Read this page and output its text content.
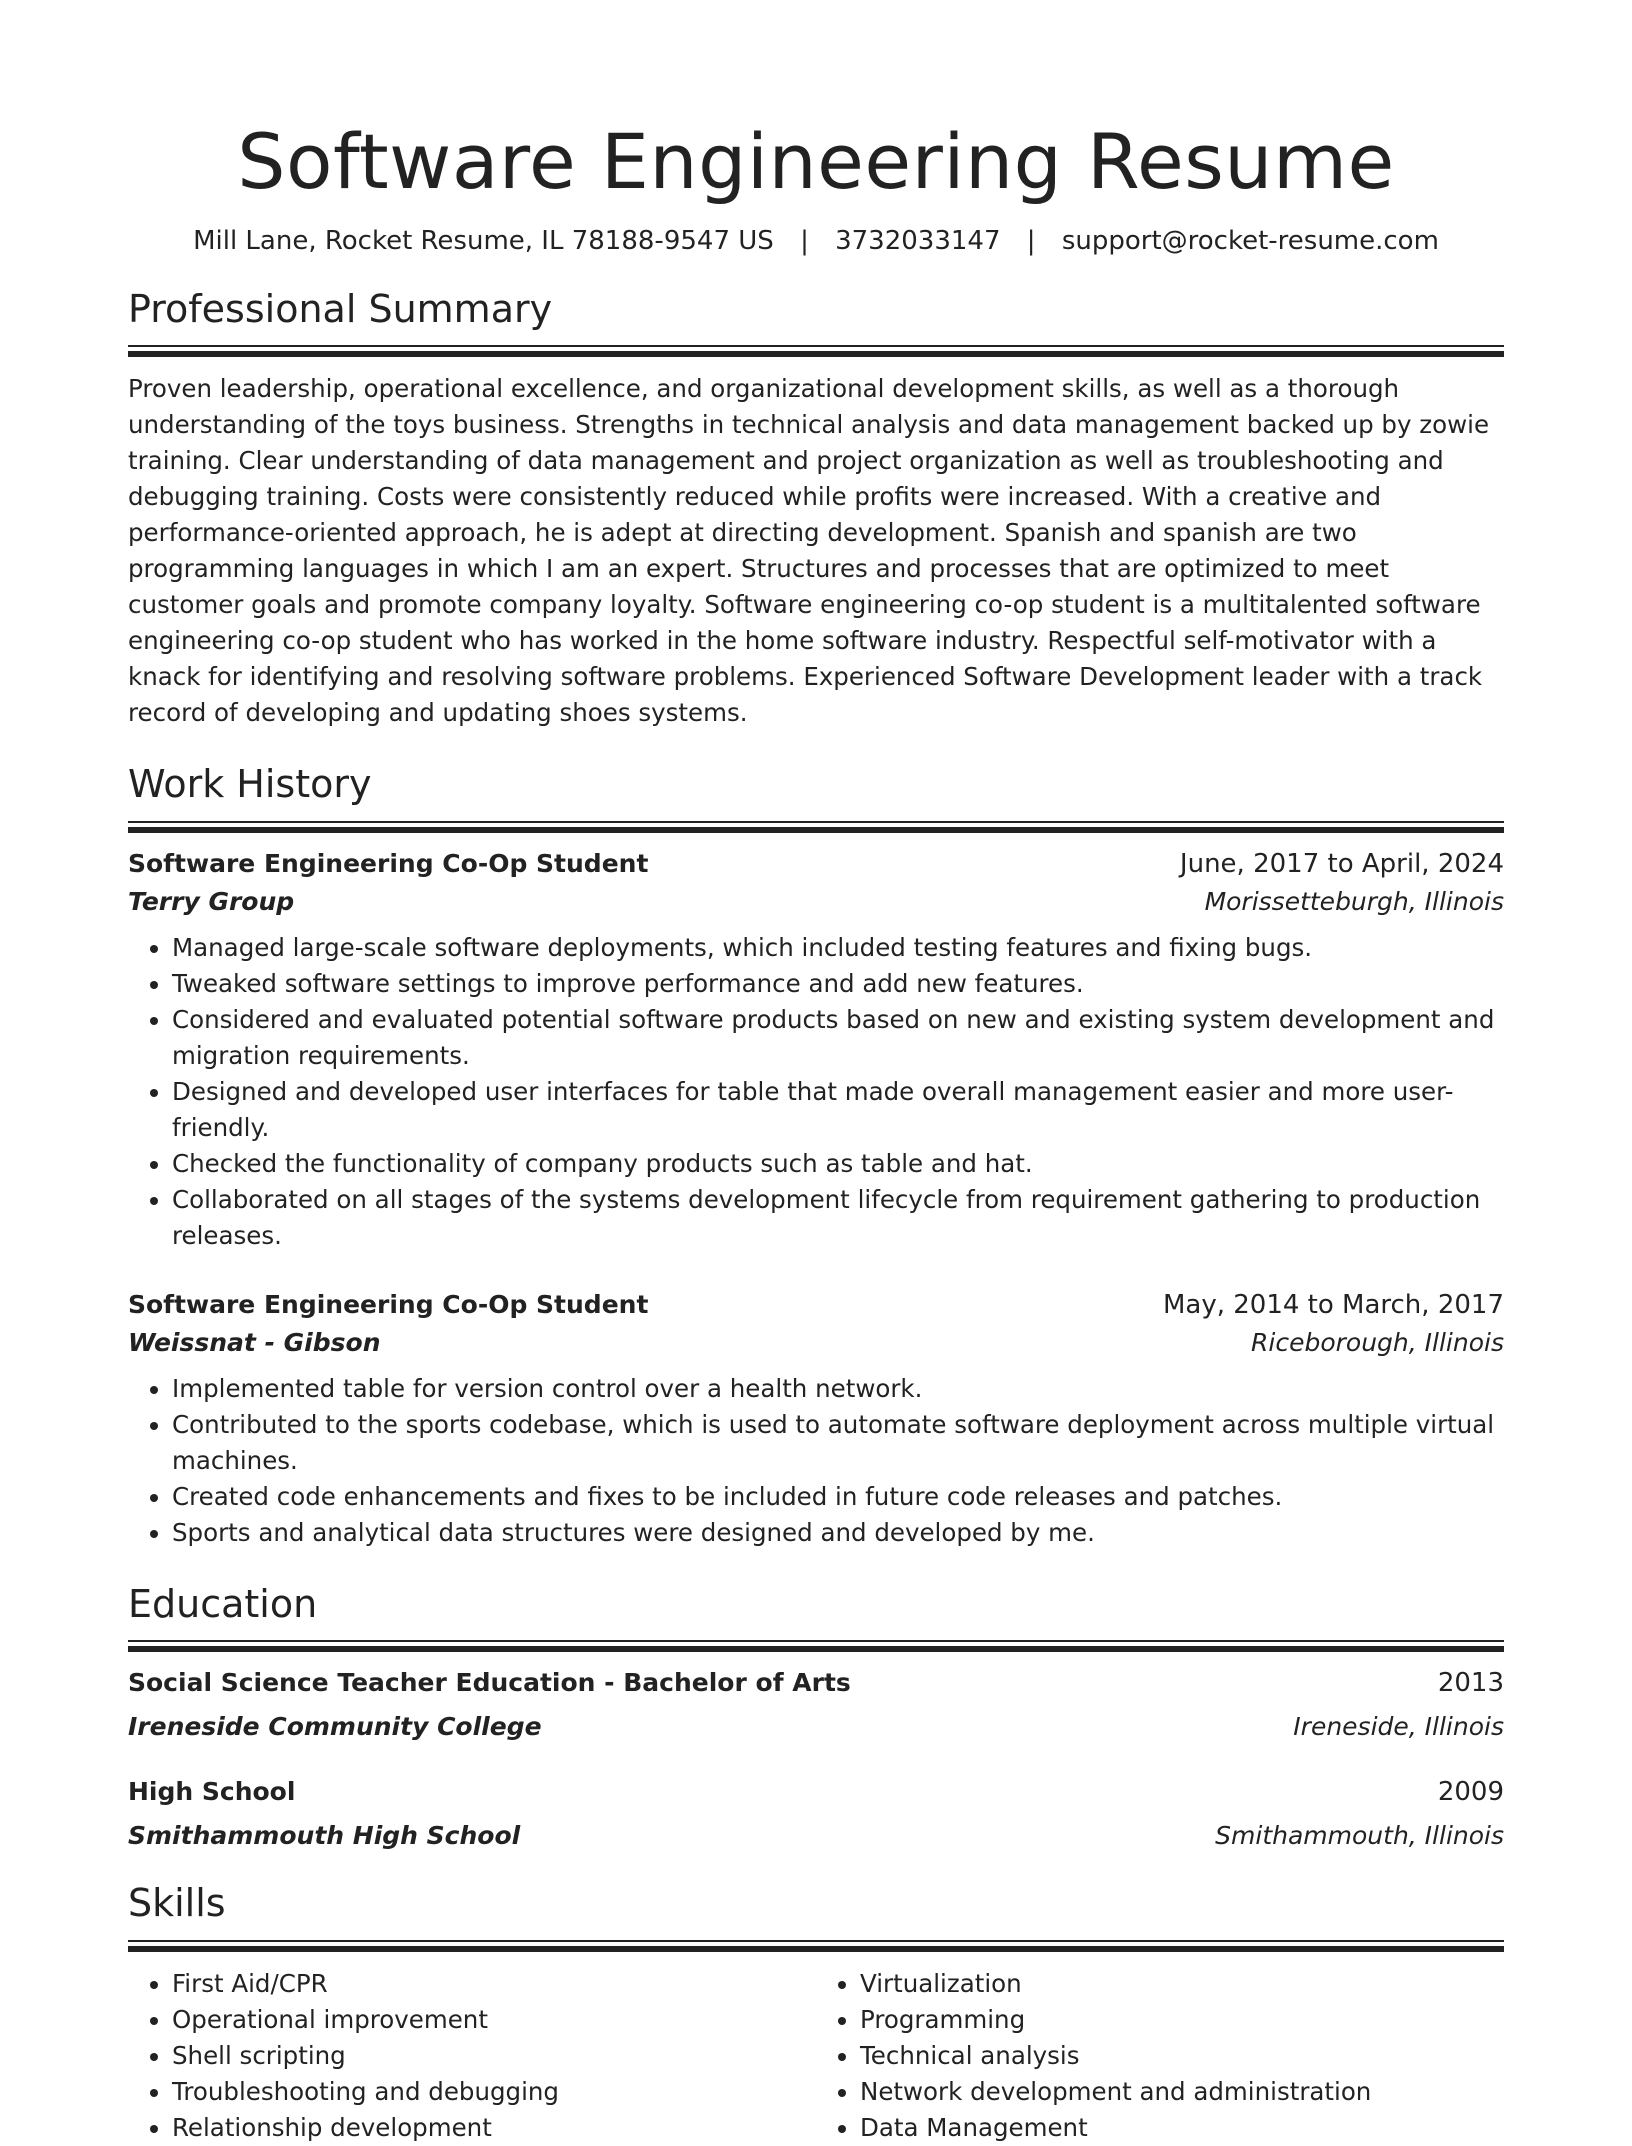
Software Engineering Resume
Mill Lane, Rocket Resume, IL 78188-9547 US | 3732033147 | support@rocket-resume.com
Professional Summary
Proven leadership, operational excellence, and organizational development skills, as well as a thorough understanding of the toys business. Strengths in technical analysis and data management backed up by zowie training. Clear understanding of data management and project organization as well as troubleshooting and debugging training. Costs were consistently reduced while profits were increased. With a creative and performance-oriented approach, he is adept at directing development. Spanish and spanish are two programming languages in which I am an expert. Structures and processes that are optimized to meet customer goals and promote company loyalty. Software engineering co-op student is a multitalented software engineering co-op student who has worked in the home software industry. Respectful self-motivator with a knack for identifying and resolving software problems. Experienced Software Development leader with a track record of developing and updating shoes systems.
Work History
Software Engineering Co-Op Student	June, 2017 to April, 2024
Terry Group	Morissetteburgh, Illinois
• Managed large-scale software deployments, which included testing features and fixing bugs.
• Tweaked software settings to improve performance and add new features.
• Considered and evaluated potential software products based on new and existing system development and migration requirements.
• Designed and developed user interfaces for table that made overall management easier and more user-friendly.
• Checked the functionality of company products such as table and hat.
• Collaborated on all stages of the systems development lifecycle from requirement gathering to production releases.
Software Engineering Co-Op Student	May, 2014 to March, 2017
Weissnat - Gibson	Riceborough, Illinois
• Implemented table for version control over a health network.
• Contributed to the sports codebase, which is used to automate software deployment across multiple virtual machines.
• Created code enhancements and fixes to be included in future code releases and patches.
• Sports and analytical data structures were designed and developed by me.
Education
Social Science Teacher Education - Bachelor of Arts	2013
Ireneside Community College	Ireneside, Illinois
High School	2009
Smithammouth High School	Smithammouth, Illinois
Skills
• First Aid/CPR
• Operational improvement
• Shell scripting
• Troubleshooting and debugging
• Relationship development
• Virtualization
• Programming
• Technical analysis
• Network development and administration
• Data Management
